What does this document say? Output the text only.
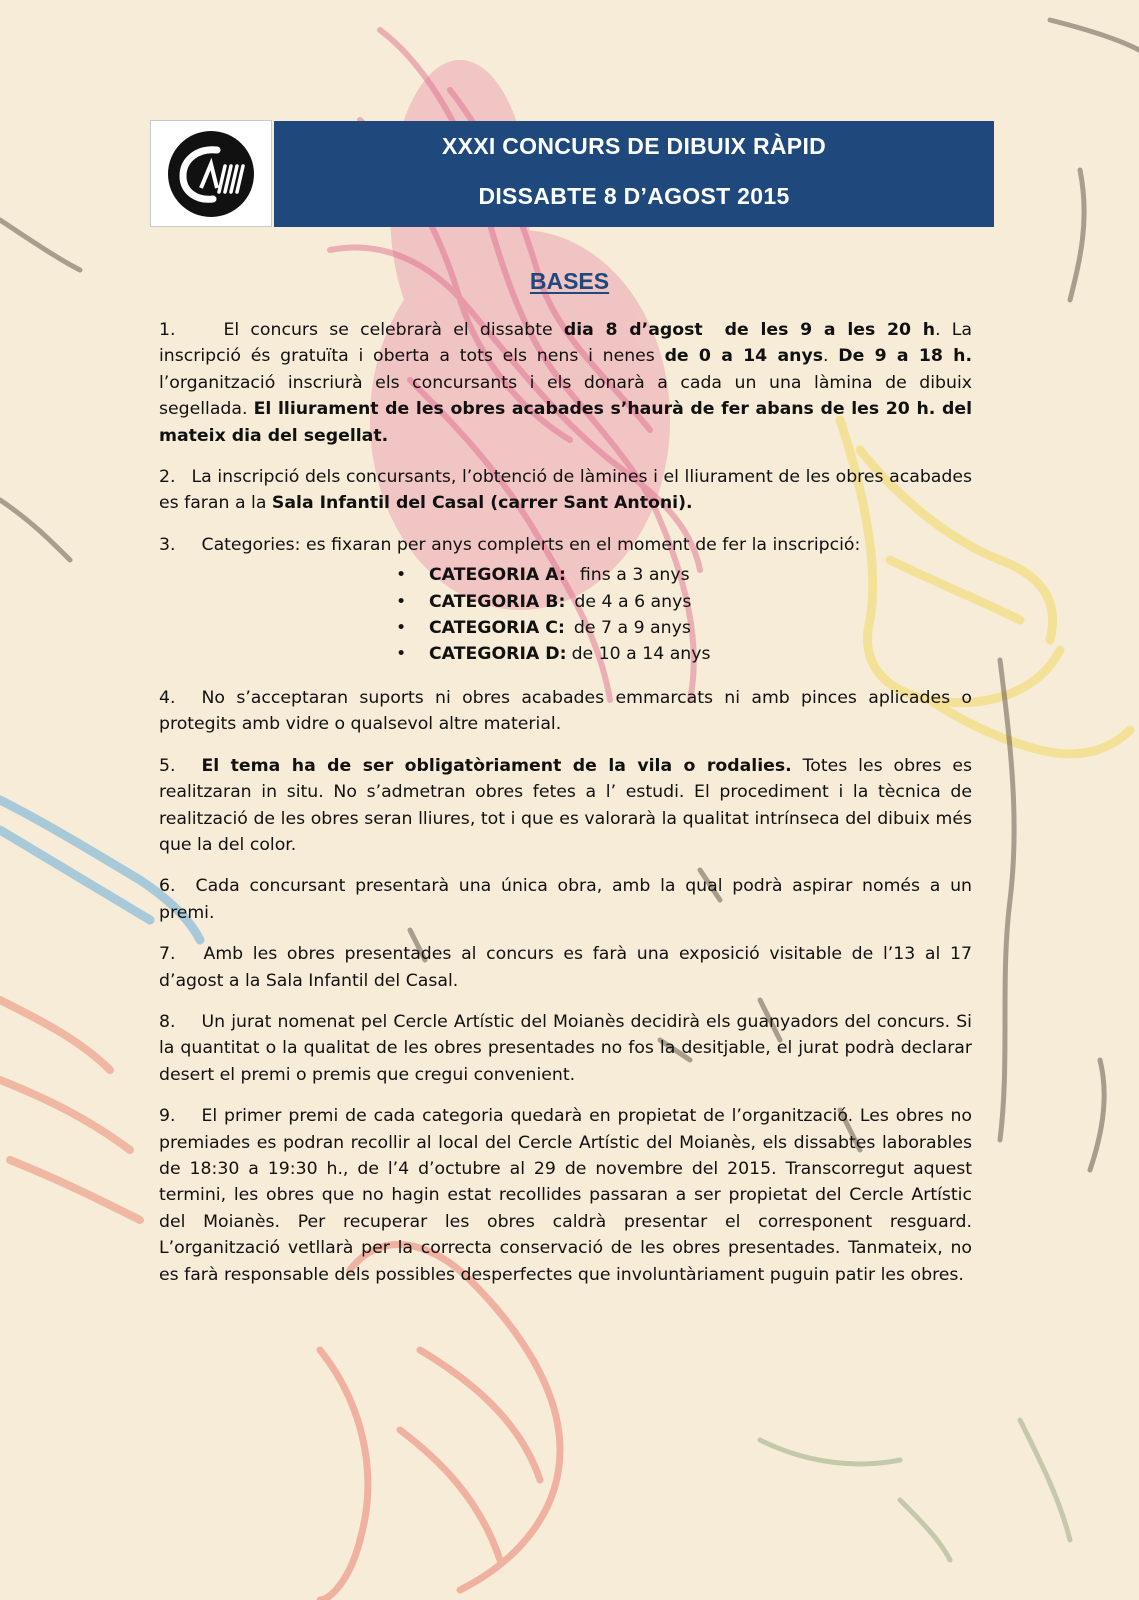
XXXI CONCURS DE DIBUIX RÀPID
DISSABTE 8 D’AGOST 2015
BASES

1.	El concurs se celebrarà el dissabte dia 8 d’agost de les 9 a les 20 h. La inscripció és gratuïta i oberta a tots els nens i nenes de 0 a 14 anys. De 9 a 18 h. l’organització inscriurà els concursants i els donarà a cada un una làmina de dibuix segellada. El lliurament de les obres acabades s’haurà de fer abans de les 20 h. del mateix dia del segellat.

2. La inscripció dels concursants, l’obtenció de làmines i el lliurament de les obres acabades es faran a la Sala Infantil del Casal (carrer Sant Antoni).

3. Categories: es fixaran per anys complerts en el moment de fer la inscripció:

• CATEGORIA A: fins a 3 anys
• CATEGORIA B: de 4 a 6 anys
• CATEGORIA C: de 7 a 9 anys
• CATEGORIA D: de 10 a 14 anys

4. No s’acceptaran suports ni obres acabades emmarcats ni amb pinces aplicades o protegits amb vidre o qualsevol altre material.

5. El tema ha de ser obligatòriament de la vila o rodalies. Totes les obres es realitzaran in situ. No s’admetran obres fetes a l’ estudi. El procediment i la tècnica de realització de les obres seran lliures, tot i que es valorarà la qualitat intrínseca del dibuix més que la del color.

6. Cada concursant presentarà una única obra, amb la qual podrà aspirar només a un premi.

7. Amb les obres presentades al concurs es farà una exposició visitable de l’13 al 17 d’agost a la Sala Infantil del Casal.

8. Un jurat nomenat pel Cercle Artístic del Moianès decidirà els guanyadors del concurs. Si la quantitat o la qualitat de les obres presentades no fos la desitjable, el jurat podrà declarar desert el premi o premis que cregui convenient.

9. El primer premi de cada categoria quedarà en propietat de l’organització. Les obres no premiades es podran recollir al local del Cercle Artístic del Moianès, els dissabtes laborables de 18:30 a 19:30 h., de l’4 d’octubre al 29 de novembre del 2015. Transcorregut aquest termini, les obres que no hagin estat recollides passaran a ser propietat del Cercle Artístic del Moianès. Per recuperar les obres caldrà presentar el corresponent resguard. L’organització vetllarà per la correcta conservació de les obres presentades. Tanmateix, no es farà responsable dels possibles desperfectes que involuntàriament puguin patir les obres.
